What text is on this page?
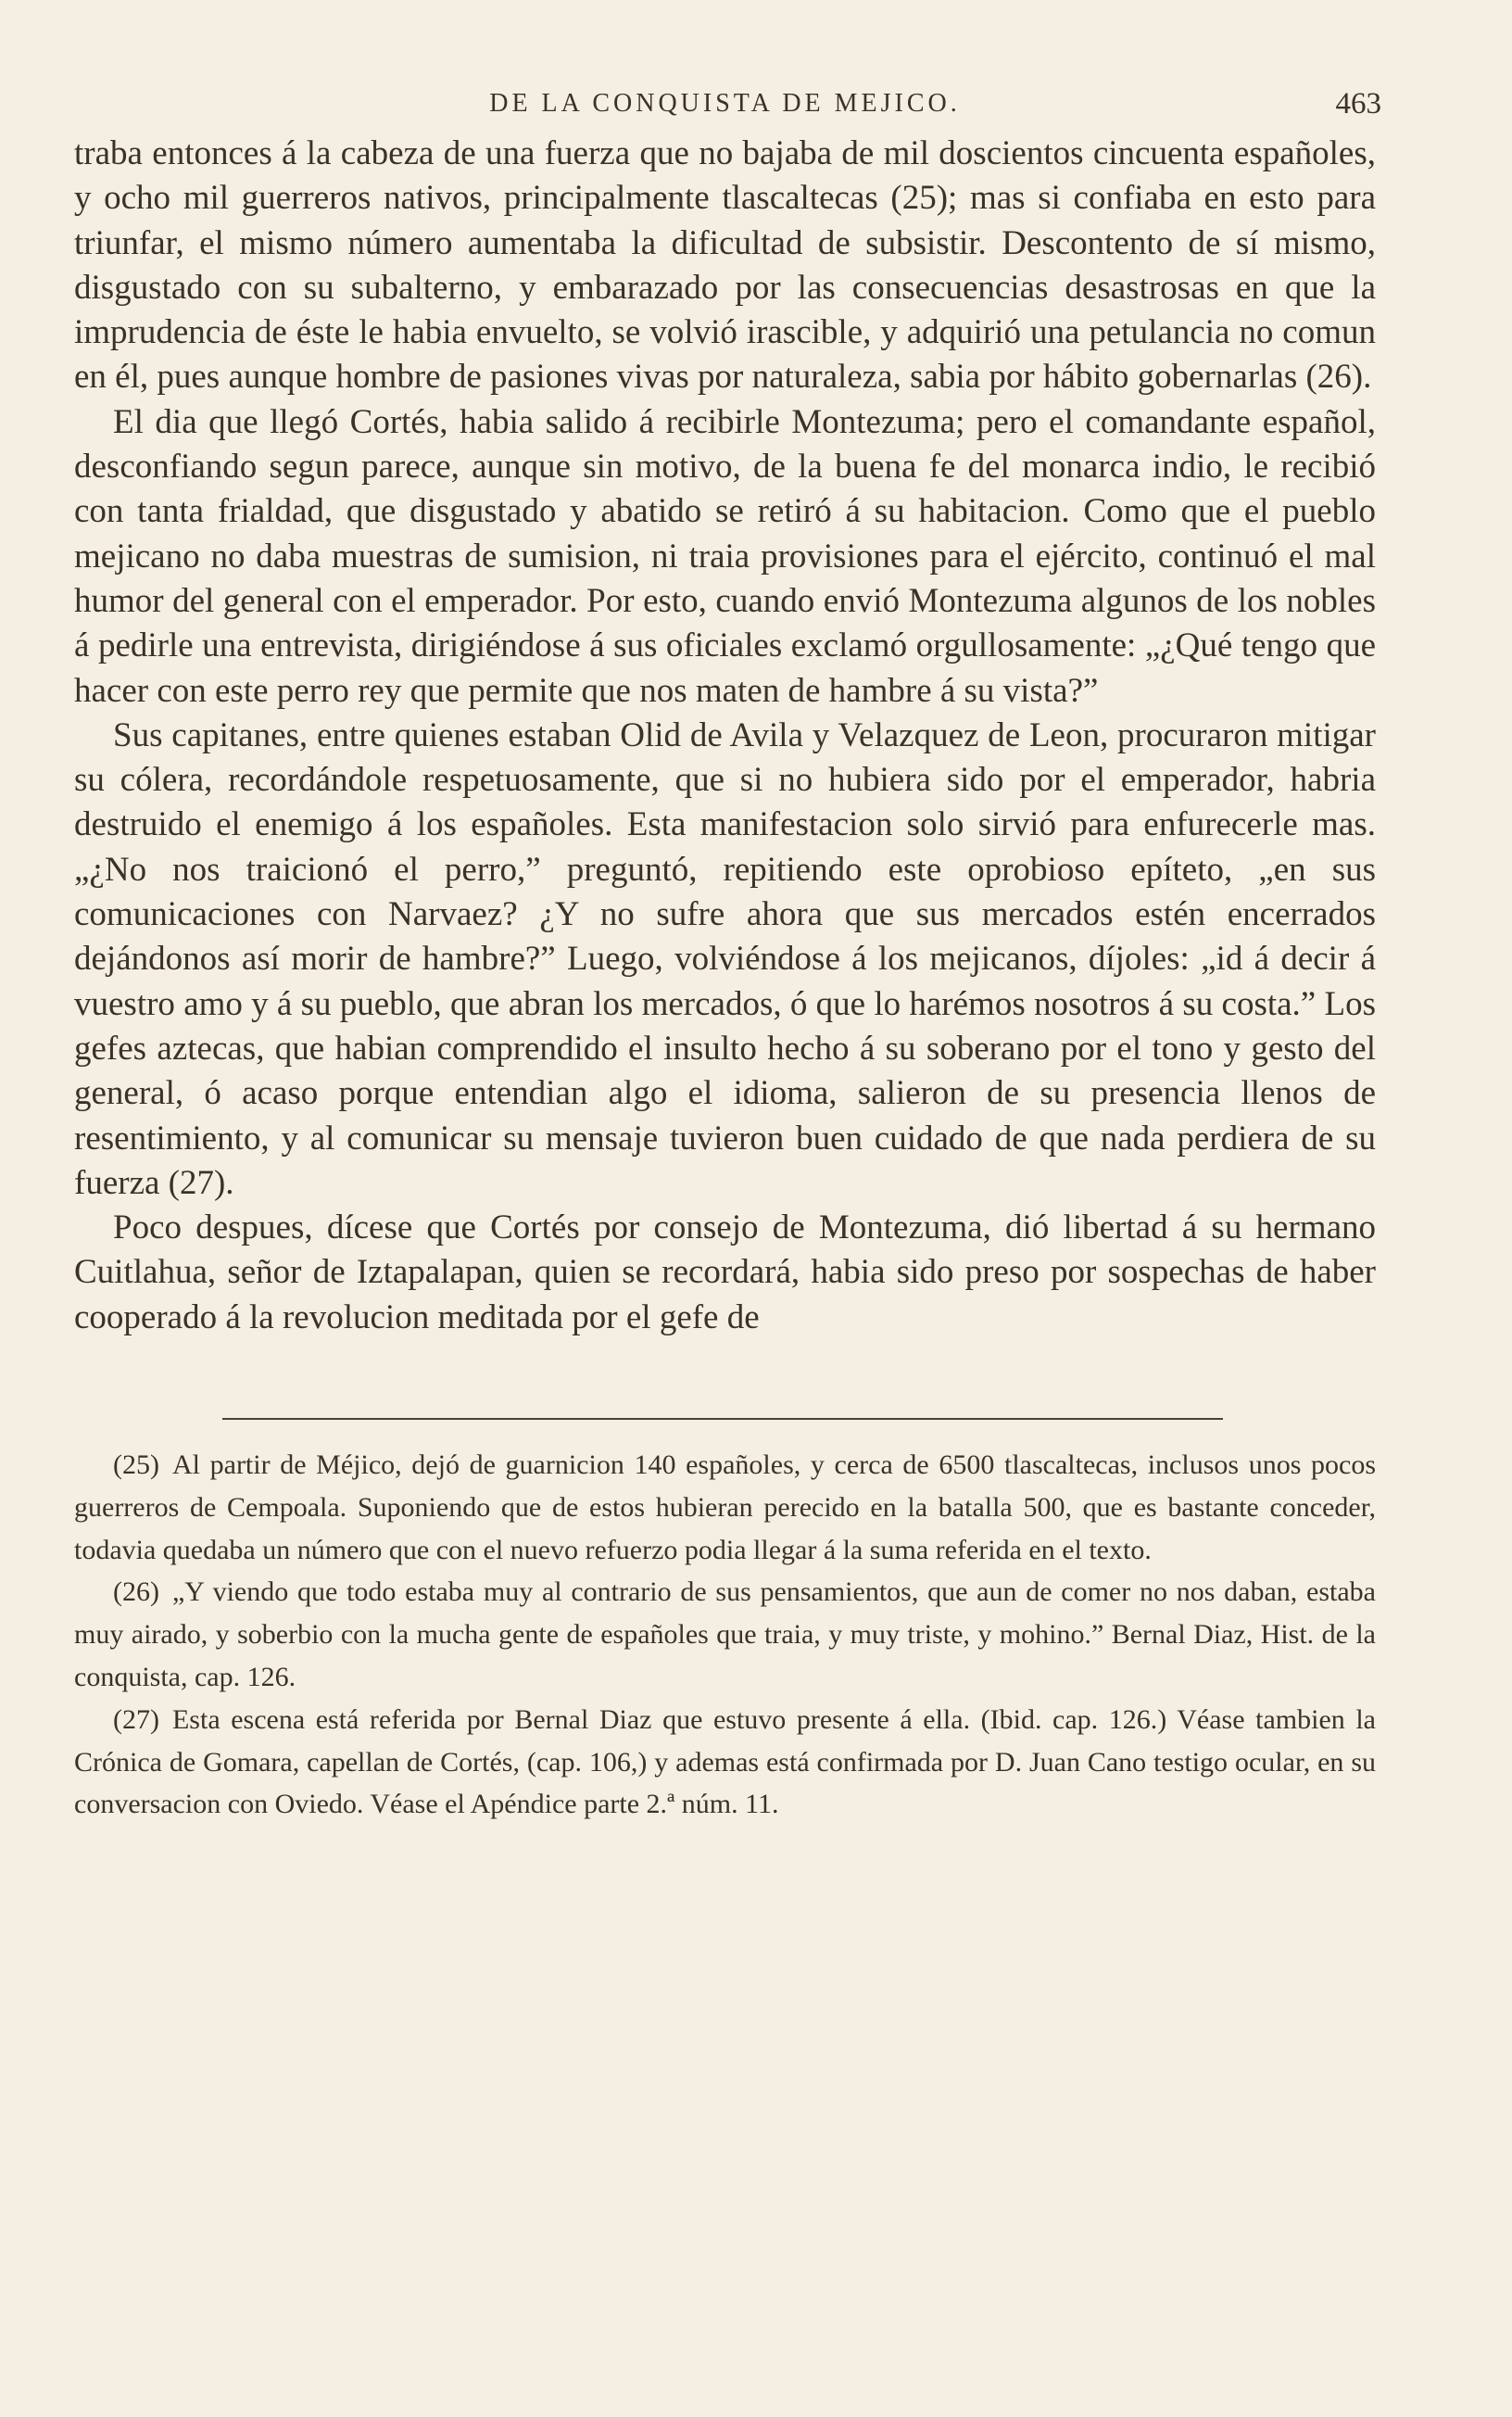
DE LA CONQUISTA DE MEJICO.	463

traba entonces á la cabeza de una fuerza que no bajaba de mil doscientos cincuenta españoles, y ocho mil guerreros nativos, principalmente tlascaltecas (25); mas si confiaba en esto para triunfar, el mismo número aumentaba la dificultad de subsistir. Descontento de sí mismo, disgustado con su subalterno, y embarazado por las consecuencias desastrosas en que la imprudencia de éste le habia envuelto, se volvió irascible, y adquirió una petulancia no comun en él, pues aunque hombre de pasiones vivas por naturaleza, sabia por hábito gobernarlas (26).

El dia que llegó Cortés, habia salido á recibirle Montezuma; pero el comandante español, desconfiando segun parece, aunque sin motivo, de la buena fe del monarca indio, le recibió con tanta frialdad, que disgustado y abatido se retiró á su habitacion. Como que el pueblo mejicano no daba muestras de sumision, ni traia provisiones para el ejército, continuó el mal humor del general con el emperador. Por esto, cuando envió Montezuma algunos de los nobles á pedirle una entrevista, dirigiéndose á sus oficiales exclamó orgullosamente: „¿Qué tengo que hacer con este perro rey que permite que nos maten de hambre á su vista?”

Sus capitanes, entre quienes estaban Olid de Avila y Velazquez de Leon, procuraron mitigar su cólera, recordándole respetuosamente, que si no hubiera sido por el emperador, habria destruido el enemigo á los españoles. Esta manifestacion solo sirvió para enfurecerle mas. „¿No nos traicionó el perro,” preguntó, repitiendo este oprobioso epíteto, „en sus comunicaciones con Narvaez? ¿Y no sufre ahora que sus mercados estén encerrados dejándonos así morir de hambre?” Luego, volviéndose á los mejicanos, díjoles: „id á decir á vuestro amo y á su pueblo, que abran los mercados, ó que lo harémos nosotros á su costa.” Los gefes aztecas, que habian comprendido el insulto hecho á su soberano por el tono y gesto del general, ó acaso porque entendian algo el idioma, salieron de su presencia llenos de resentimiento, y al comunicar su mensaje tuvieron buen cuidado de que nada perdiera de su fuerza (27).

Poco despues, dícese que Cortés por consejo de Montezuma, dió libertad á su hermano Cuitlahua, señor de Iztapalapan, quien se recordará, habia sido preso por sospechas de haber cooperado á la revolucion meditada por el gefe de

(25) Al partir de Méjico, dejó de guarnicion 140 españoles, y cerca de 6500 tlascaltecas, inclusos unos pocos guerreros de Cempoala. Suponiendo que de estos hubieran perecido en la batalla 500, que es bastante conceder, todavia quedaba un número que con el nuevo refuerzo podia llegar á la suma referida en el texto.

(26) „Y viendo que todo estaba muy al contrario de sus pensamientos, que aun de comer no nos daban, estaba muy airado, y soberbio con la mucha gente de españoles que traia, y muy triste, y mohino.” Bernal Diaz, Hist. de la conquista, cap. 126.

(27) Esta escena está referida por Bernal Diaz que estuvo presente á ella. (Ibid. cap. 126.) Véase tambien la Crónica de Gomara, capellan de Cortés, (cap. 106,) y ademas está confirmada por D. Juan Cano testigo ocular, en su conversacion con Oviedo. Véase el Apéndice parte 2.ª núm. 11.
